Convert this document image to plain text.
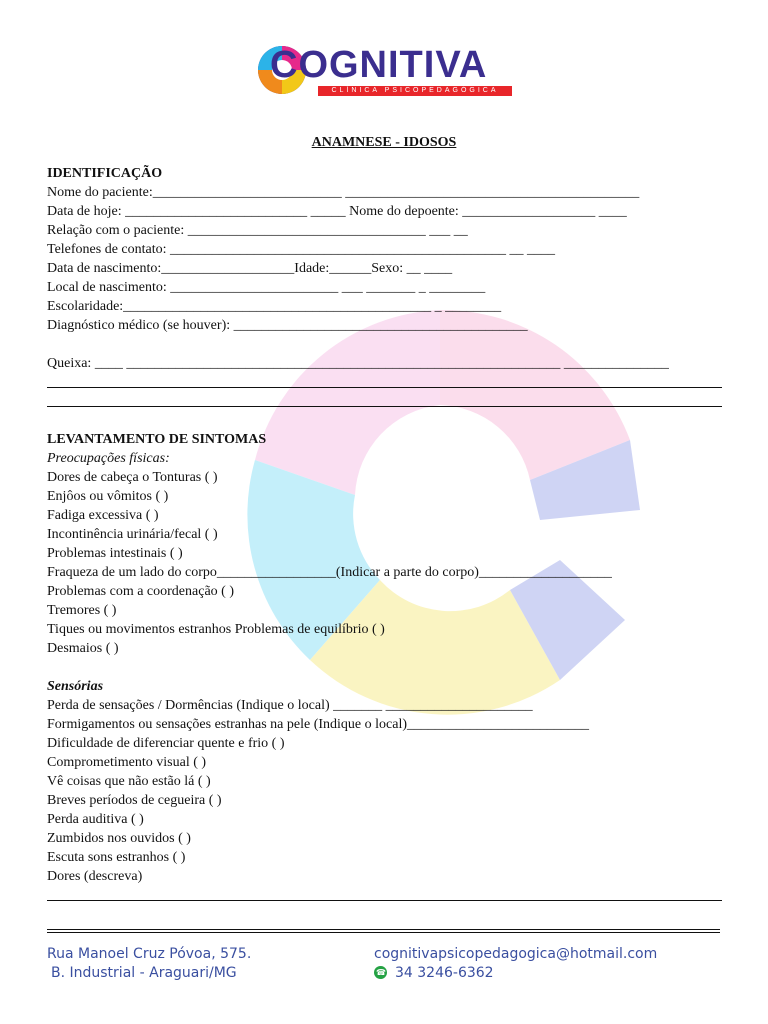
COGNITIVA
CLÍNICA PSICOPEDAGÓGICA
ANAMNESE - IDOSOS
IDENTIFICAÇÃO
Nome do paciente:___________________________ __________________________________________
Data de hoje: __________________________ _____ Nome do depoente: ___________________ ____
Relação com o paciente: __________________________________ ___ __
Telefones de contato: ________________________________________________ __ ____
Data de nascimento:___________________Idade:______Sexo: __ ____
Local de nascimento: ________________________ ___ _______ _ ________
Escolaridade:____________________________________________ _ ________
Diagnóstico médico (se houver): __________________________________________
Queixa: ____ ______________________________________________________________ _______________
LEVANTAMENTO DE SINTOMAS
Preocupações físicas:
Dores de cabeça o Tonturas ( )
Enjôos ou vômitos ( )
Fadiga excessiva ( )
Incontinência urinária/fecal ( )
Problemas intestinais ( )
Fraqueza de um lado do corpo_________________(Indicar a parte do corpo)___________________
Problemas com a coordenação ( )
Tremores ( )
Tiques ou movimentos estranhos Problemas de equilíbrio ( )
Desmaios ( )
Sensórias
Perda de sensações / Dormências (Indique o local) _______ _____________________
Formigamentos ou sensações estranhas na pele (Indique o local)__________________________
Dificuldade de diferenciar quente e frio ( )
Comprometimento visual ( )
Vê coisas que não estão lá ( )
Breves períodos de cegueira ( )
Perda auditiva ( )
Zumbidos nos ouvidos ( )
Escuta sons estranhos ( )
Dores (descreva)
Rua Manoel Cruz Póvoa, 575.
B. Industrial - Araguari/MG
cognitivapsicopedagogica@hotmail.com
☎34 3246-6362
